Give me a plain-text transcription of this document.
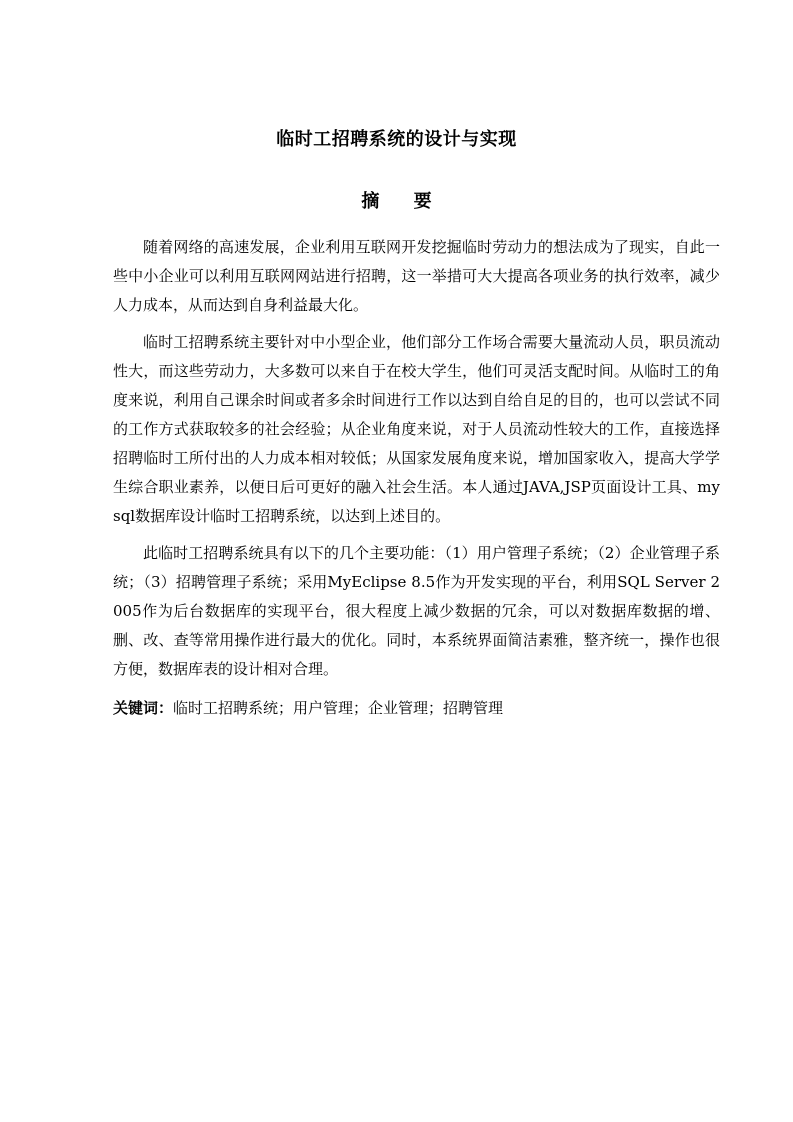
临时工招聘系统的设计与实现
摘 要

随着网络的高速发展，企业利用互联网开发挖掘临时劳动力的想法成为了现实，自此一些中小企业可以利用互联网网站进行招聘，这一举措可大大提高各项业务的执行效率，减少人力成本，从而达到自身利益最大化。

临时工招聘系统主要针对中小型企业，他们部分工作场合需要大量流动人员，职员流动性大，而这些劳动力，大多数可以来自于在校大学生，他们可灵活支配时间。从临时工的角度来说，利用自己课余时间或者多余时间进行工作以达到自给自足的目的，也可以尝试不同的工作方式获取较多的社会经验；从企业角度来说，对于人员流动性较大的工作，直接选择招聘临时工所付出的人力成本相对较低；从国家发展角度来说，增加国家收入，提高大学学生综合职业素养，以便日后可更好的融入社会生活。本人通过JAVA,JSP页面设计工具、mysql数据库设计临时工招聘系统，以达到上述目的。

此临时工招聘系统具有以下的几个主要功能：（1）用户管理子系统；（2）企业管理子系统；（3）招聘管理子系统；采用MyEclipse 8.5作为开发实现的平台，利用SQL Server 2005作为后台数据库的实现平台，很大程度上减少数据的冗余，可以对数据库数据的增、删、改、查等常用操作进行最大的优化。同时，本系统界面简洁素雅，整齐统一，操作也很方便，数据库表的设计相对合理。

关键词：临时工招聘系统；用户管理；企业管理；招聘管理
